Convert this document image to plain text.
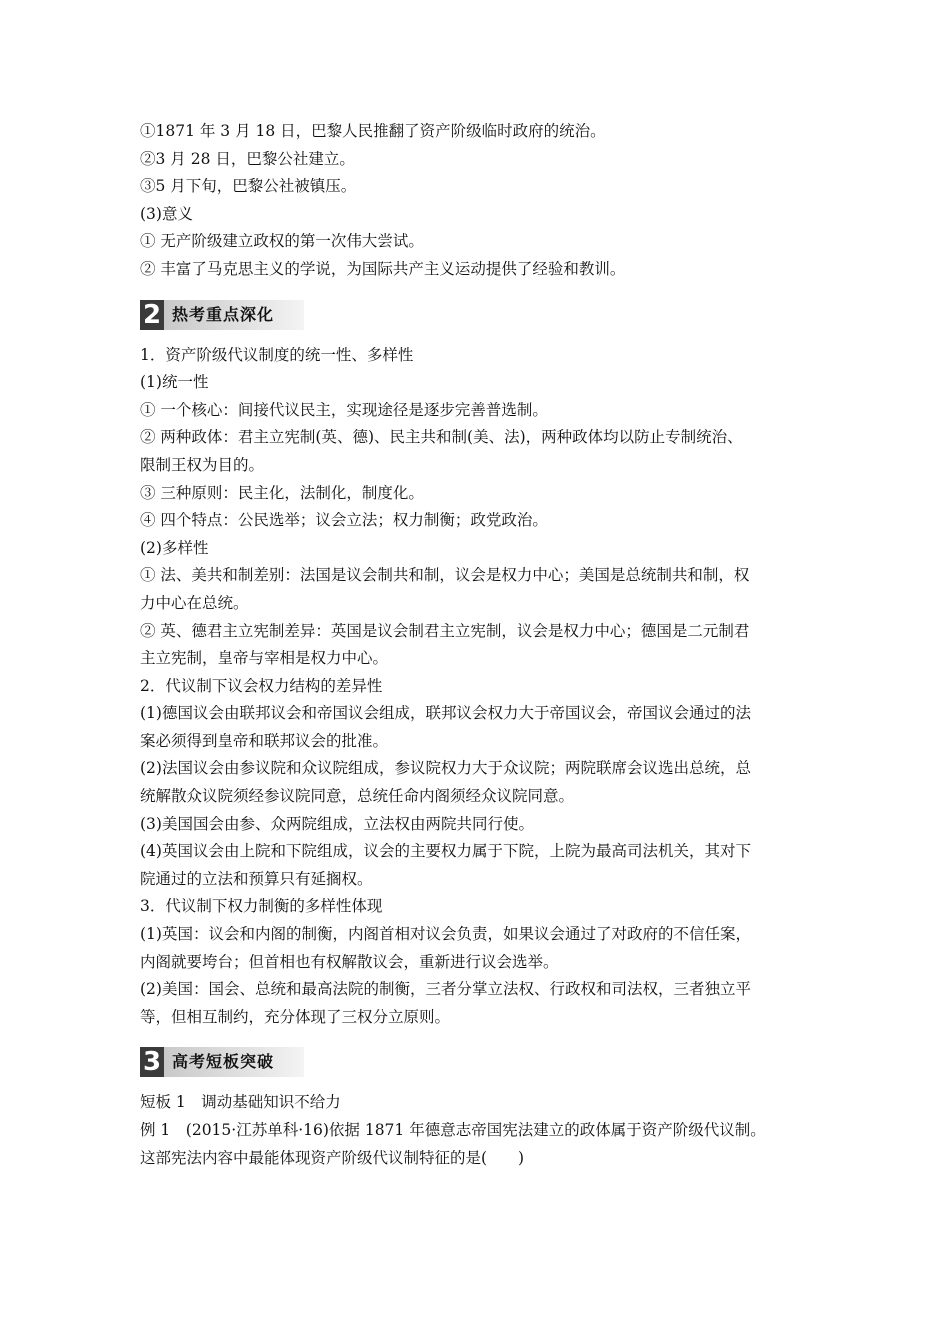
①1871 年 3 月 18 日，巴黎人民推翻了资产阶级临时政府的统治。
②3 月 28 日，巴黎公社建立。
③5 月下旬，巴黎公社被镇压。
(3)意义
① 无产阶级建立政权的第一次伟大尝试。
② 丰富了马克思主义的学说，为国际共产主义运动提供了经验和教训。
2 热考重点深化
1．资产阶级代议制度的统一性、多样性
(1)统一性
① 一个核心：间接代议民主，实现途径是逐步完善普选制。
② 两种政体：君主立宪制(英、德)、民主共和制(美、法)，两种政体均以防止专制统治、
限制王权为目的。
③ 三种原则：民主化，法制化，制度化。
④ 四个特点：公民选举；议会立法；权力制衡；政党政治。
(2)多样性
① 法、美共和制差别：法国是议会制共和制，议会是权力中心；美国是总统制共和制，权
力中心在总统。
② 英、德君主立宪制差异：英国是议会制君主立宪制，议会是权力中心；德国是二元制君
主立宪制，皇帝与宰相是权力中心。
2．代议制下议会权力结构的差异性
(1)德国议会由联邦议会和帝国议会组成，联邦议会权力大于帝国议会，帝国议会通过的法
案必须得到皇帝和联邦议会的批准。
(2)法国议会由参议院和众议院组成，参议院权力大于众议院；两院联席会议选出总统，总
统解散众议院须经参议院同意，总统任命内阁须经众议院同意。
(3)美国国会由参、众两院组成，立法权由两院共同行使。
(4)英国议会由上院和下院组成，议会的主要权力属于下院，上院为最高司法机关，其对下
院通过的立法和预算只有延搁权。
3．代议制下权力制衡的多样性体现
(1)英国：议会和内阁的制衡，内阁首相对议会负责，如果议会通过了对政府的不信任案，
内阁就要垮台；但首相也有权解散议会，重新进行议会选举。
(2)美国：国会、总统和最高法院的制衡，三者分掌立法权、行政权和司法权，三者独立平
等，但相互制约，充分体现了三权分立原则。
3 高考短板突破
短板 1　调动基础知识不给力
例 1　(2015·江苏单科·16)依据 1871 年德意志帝国宪法建立的政体属于资产阶级代议制。
这部宪法内容中最能体现资产阶级代议制特征的是(　　)
